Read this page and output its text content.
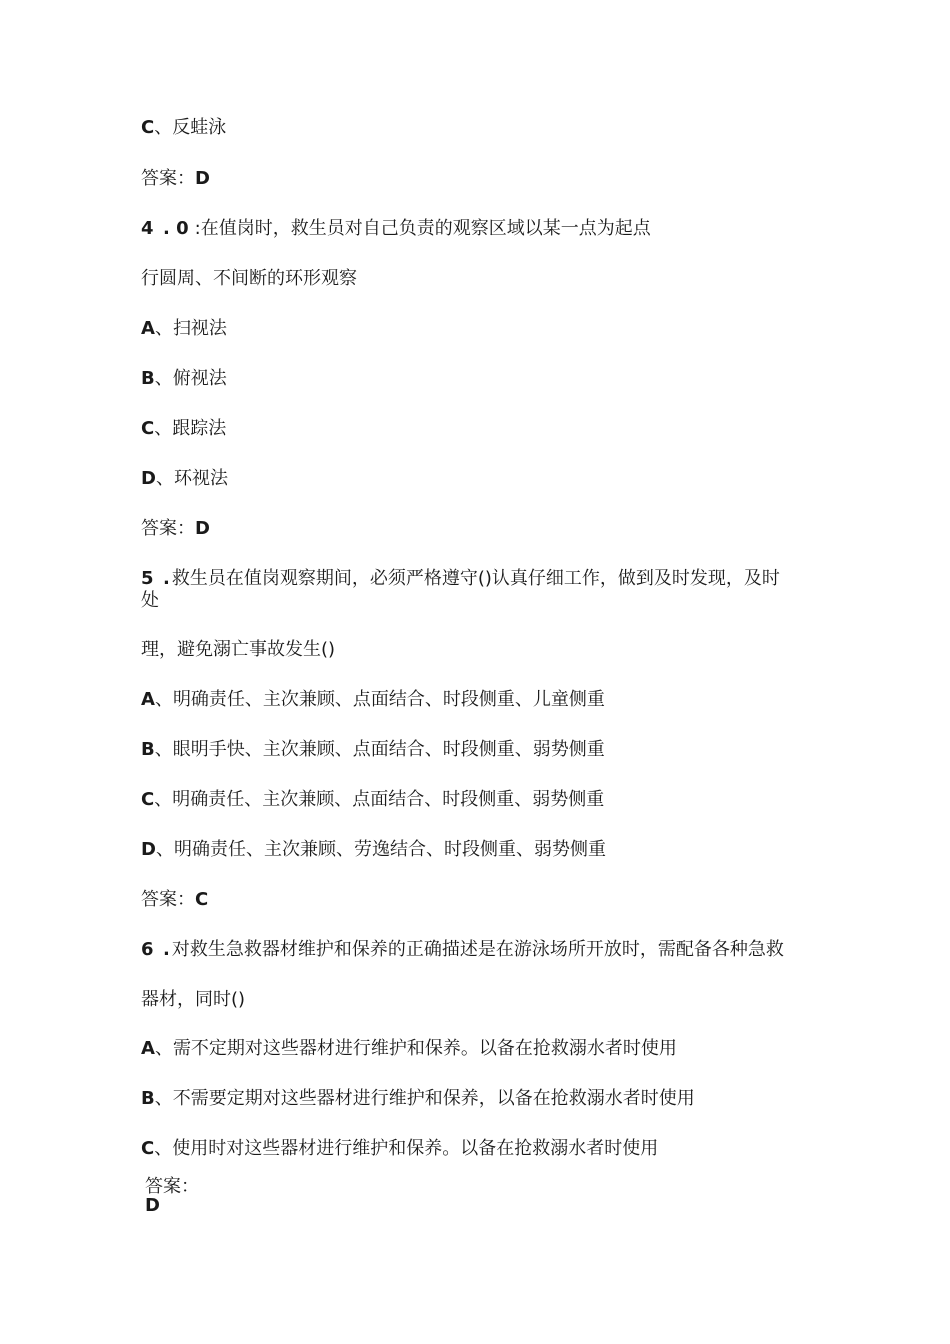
C、反蛙泳
答案：D
4 . 0 :在值岗时，救生员对自己负责的观察区域以某一点为起点
行圆周、不间断的环形观察
A、扫视法
B、俯视法
C、跟踪法
D、环视法
答案：D
5 . 救生员在值岗观察期间，必须严格遵守()认真仔细工作，做到及时发现，及时
处
理，避免溺亡事故发生()
A、明确责任、主次兼顾、点面结合、时段侧重、儿童侧重
B、眼明手快、主次兼顾、点面结合、时段侧重、弱势侧重
C、明确责任、主次兼顾、点面结合、时段侧重、弱势侧重
D、明确责任、主次兼顾、劳逸结合、时段侧重、弱势侧重
答案：C
6 . 对救生急救器材维护和保养的正确描述是在游泳场所开放时，需配备各种急救
器材，同时()
A、需不定期对这些器材进行维护和保养。以备在抢救溺水者时使用
B、不需要定期对这些器材进行维护和保养，以备在抢救溺水者时使用
C、使用时对这些器材进行维护和保养。以备在抢救溺水者时使用
答案：
D
